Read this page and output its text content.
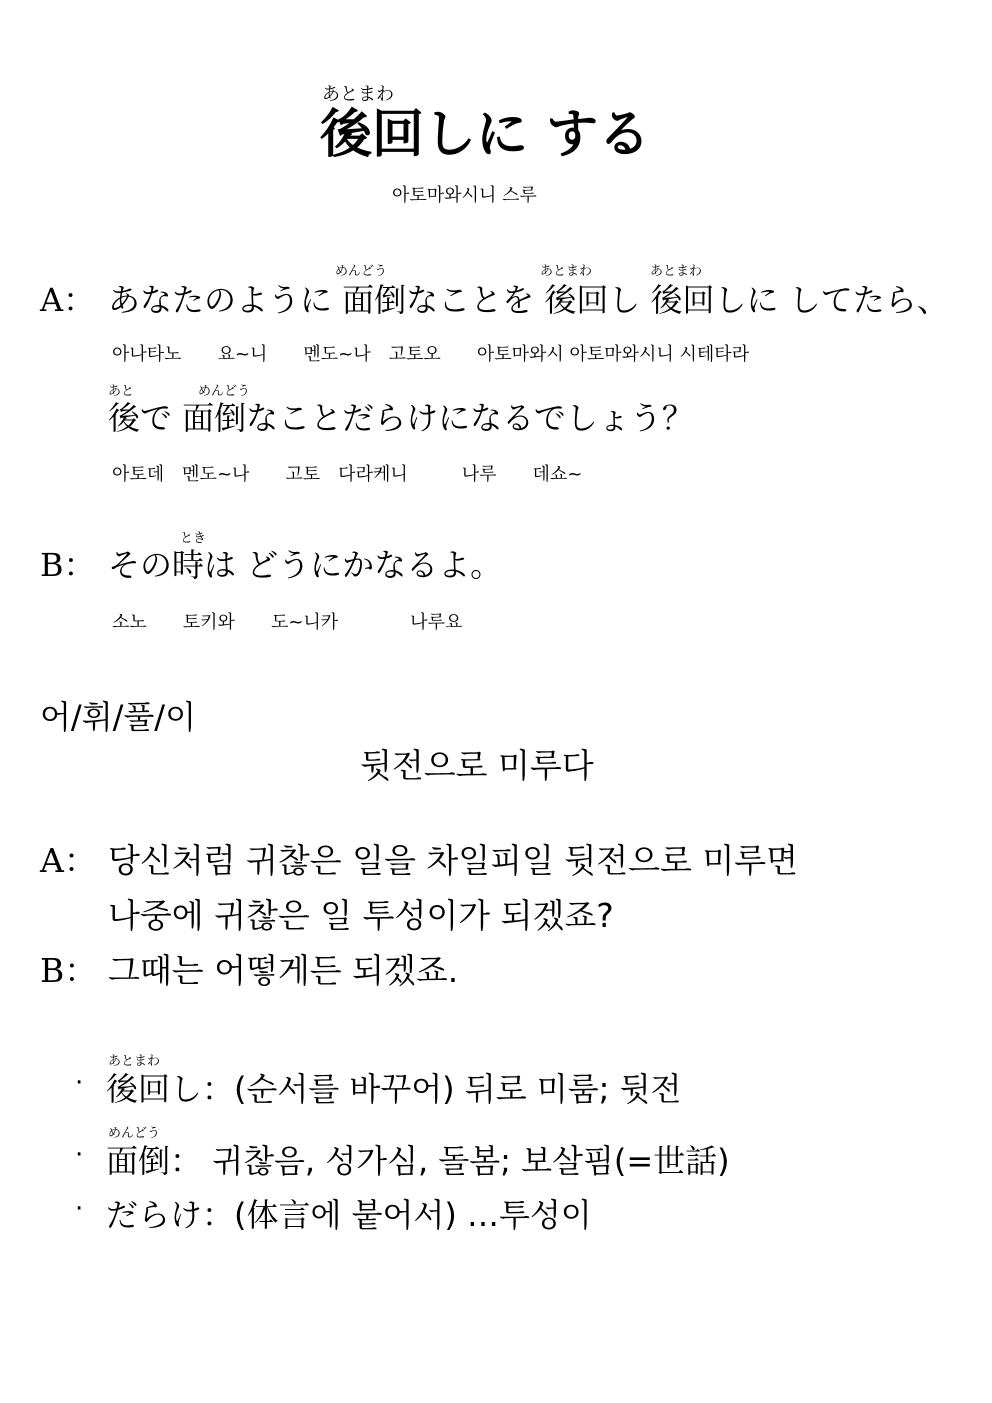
あとまわ
後回しに する
아토마와시니 스루
めんどう	あとまわ	あとまわ
A： あなたのように 面倒なことを 後回し 後回しに してたら、
아나타노　　요~니　　멘도~나　고토오　　아토마와시 아토마와시니 시테타라
あと	めんどう
後で 面倒なことだらけになるでしょう？
아토데　멘도~나　　고토　다라케니　　　나루　　데쇼~
とき
B： その時は どうにかなるよ。
소노　　토키와　　도~니카　　　　나루요
어/휘/풀/이
뒷전으로 미루다
A： 당신처럼 귀찮은 일을 차일피일 뒷전으로 미루면
나중에 귀찮은 일 투성이가 되겠죠?
B： 그때는 어떻게든 되겠죠.
あとまわ
· 後回し：(순서를 바꾸어) 뒤로 미룸; 뒷전
めんどう
· 面倒： 귀찮음, 성가심, 돌봄; 보살핌(=世話)
· だらけ：(体言에 붙어서) …투성이
